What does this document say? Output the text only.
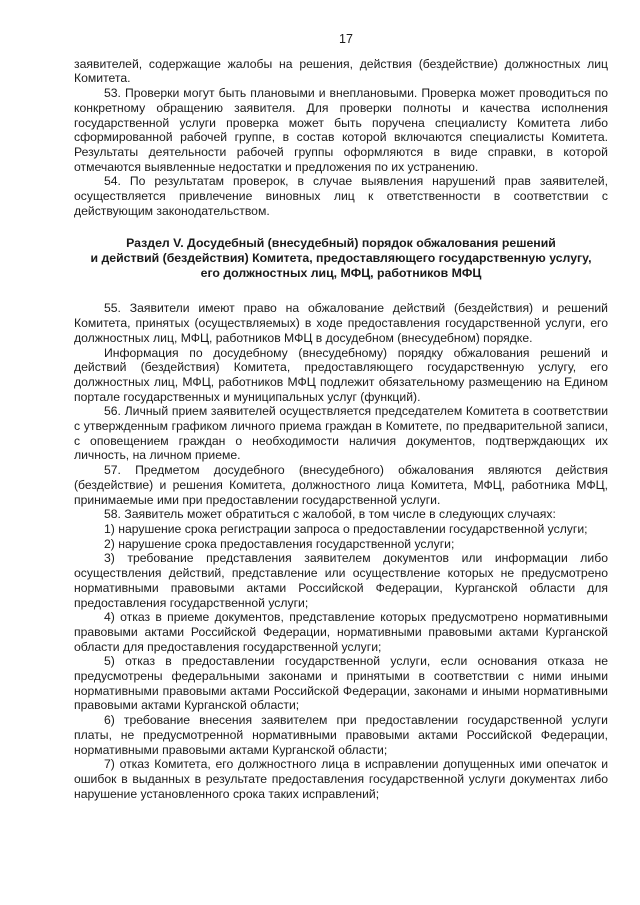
17

заявителей, содержащие жалобы на решения, действия (бездействие) должностных лиц Комитета.

53. Проверки могут быть плановыми и внеплановыми. Проверка может проводиться по конкретному обращению заявителя. Для проверки полноты и качества исполнения государственной услуги проверка может быть поручена специалисту Комитета либо сформированной рабочей группе, в состав которой включаются специалисты Комитета. Результаты деятельности рабочей группы оформляются в виде справки, в которой отмечаются выявленные недостатки и предложения по их устранению.

54. По результатам проверок, в случае выявления нарушений прав заявителей, осуществляется привлечение виновных лиц к ответственности в соответствии с действующим законодательством.

Раздел V. Досудебный (внесудебный) порядок обжалования решений
и действий (бездействия) Комитета, предоставляющего государственную услугу,
его должностных лиц, МФЦ, работников МФЦ

55. Заявители имеют право на обжалование действий (бездействия) и решений Комитета, принятых (осуществляемых) в ходе предоставления государственной услуги, его должностных лиц, МФЦ, работников МФЦ в досудебном (внесудебном) порядке.

Информация по досудебному (внесудебному) порядку обжалования решений и действий (бездействия) Комитета, предоставляющего государственную услугу, его должностных лиц, МФЦ, работников МФЦ подлежит обязательному размещению на Едином портале государственных и муниципальных услуг (функций).

56. Личный прием заявителей осуществляется председателем Комитета в соответствии с утвержденным графиком личного приема граждан в Комитете, по предварительной записи, с оповещением граждан о необходимости наличия документов, подтверждающих их личность, на личном приеме.

57. Предметом досудебного (внесудебного) обжалования являются действия (бездействие) и решения Комитета, должностного лица Комитета, МФЦ, работника МФЦ, принимаемые ими при предоставлении государственной услуги.

58. Заявитель может обратиться с жалобой, в том числе в следующих случаях:

1) нарушение срока регистрации запроса о предоставлении государственной услуги;

2) нарушение срока предоставления государственной услуги;

3) требование представления заявителем документов или информации либо осуществления действий, представление или осуществление которых не предусмотрено нормативными правовыми актами Российской Федерации, Курганской области для предоставления государственной услуги;

4) отказ в приеме документов, представление которых предусмотрено нормативными правовыми актами Российской Федерации, нормативными правовыми актами Курганской области для предоставления государственной услуги;

5) отказ в предоставлении государственной услуги, если основания отказа не предусмотрены федеральными законами и принятыми в соответствии с ними иными нормативными правовыми актами Российской Федерации, законами и иными нормативными правовыми актами Курганской области;

6) требование внесения заявителем при предоставлении государственной услуги платы, не предусмотренной нормативными правовыми актами Российской Федерации, нормативными правовыми актами Курганской области;

7) отказ Комитета, его должностного лица в исправлении допущенных ими опечаток и ошибок в выданных в результате предоставления государственной услуги документах либо нарушение установленного срока таких исправлений;
